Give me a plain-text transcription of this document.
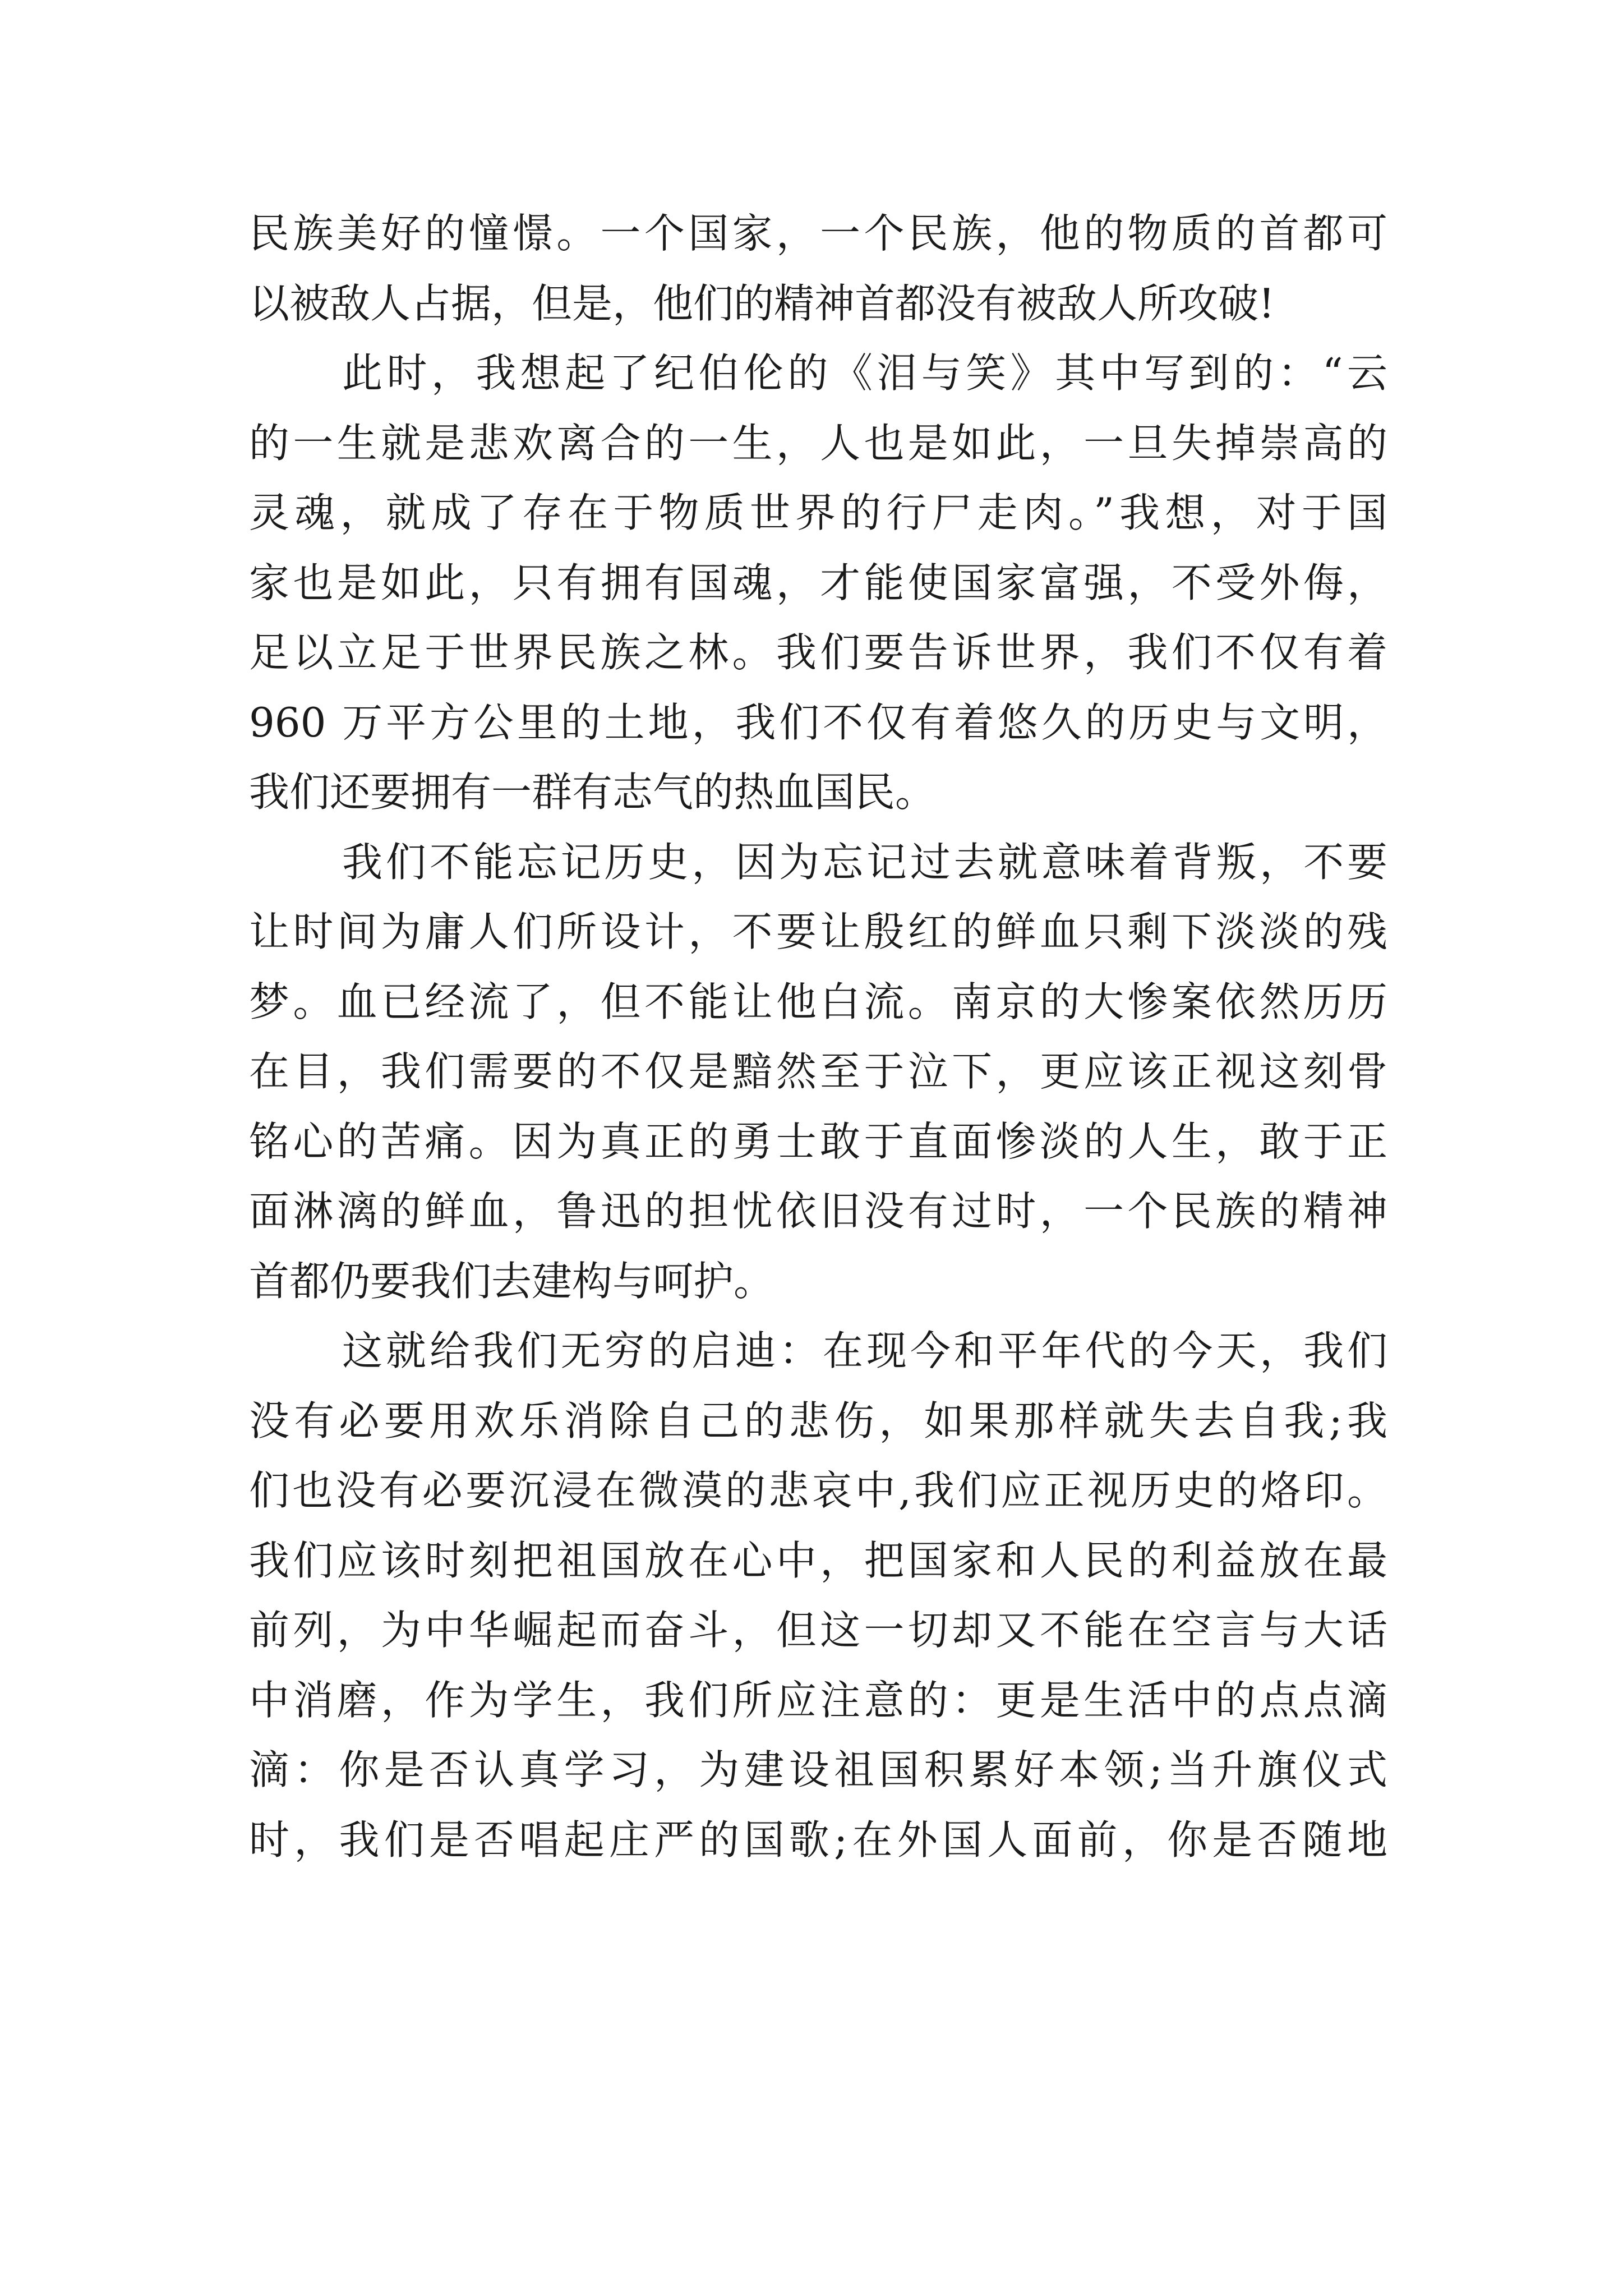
民族美好的憧憬。一个国家，一个民族，他的物质的首都可
以被敌人占据，但是，他们的精神首都没有被敌人所攻破!
此时，我想起了纪伯伦的《泪与笑》其中写到的：“云
的一生就是悲欢离合的一生，人也是如此，一旦失掉崇高的
灵魂，就成了存在于物质世界的行尸走肉。”我想，对于国
家也是如此，只有拥有国魂，才能使国家富强，不受外侮，
足以立足于世界民族之林。我们要告诉世界，我们不仅有着
960 万平方公里的土地，我们不仅有着悠久的历史与文明，
我们还要拥有一群有志气的热血国民。
我们不能忘记历史，因为忘记过去就意味着背叛，不要
让时间为庸人们所设计，不要让殷红的鲜血只剩下淡淡的残
梦。血已经流了，但不能让他白流。南京的大惨案依然历历
在目，我们需要的不仅是黯然至于泣下，更应该正视这刻骨
铭心的苦痛。因为真正的勇士敢于直面惨淡的人生，敢于正
面淋漓的鲜血，鲁迅的担忧依旧没有过时，一个民族的精神
首都仍要我们去建构与呵护。
这就给我们无穷的启迪：在现今和平年代的今天，我们
没有必要用欢乐消除自己的悲伤，如果那样就失去自我;我
们也没有必要沉浸在微漠的悲哀中,我们应正视历史的烙印。
我们应该时刻把祖国放在心中，把国家和人民的利益放在最
前列，为中华崛起而奋斗，但这一切却又不能在空言与大话
中消磨，作为学生，我们所应注意的：更是生活中的点点滴
滴：你是否认真学习，为建设祖国积累好本领;当升旗仪式
时，我们是否唱起庄严的国歌;在外国人面前，你是否随地
